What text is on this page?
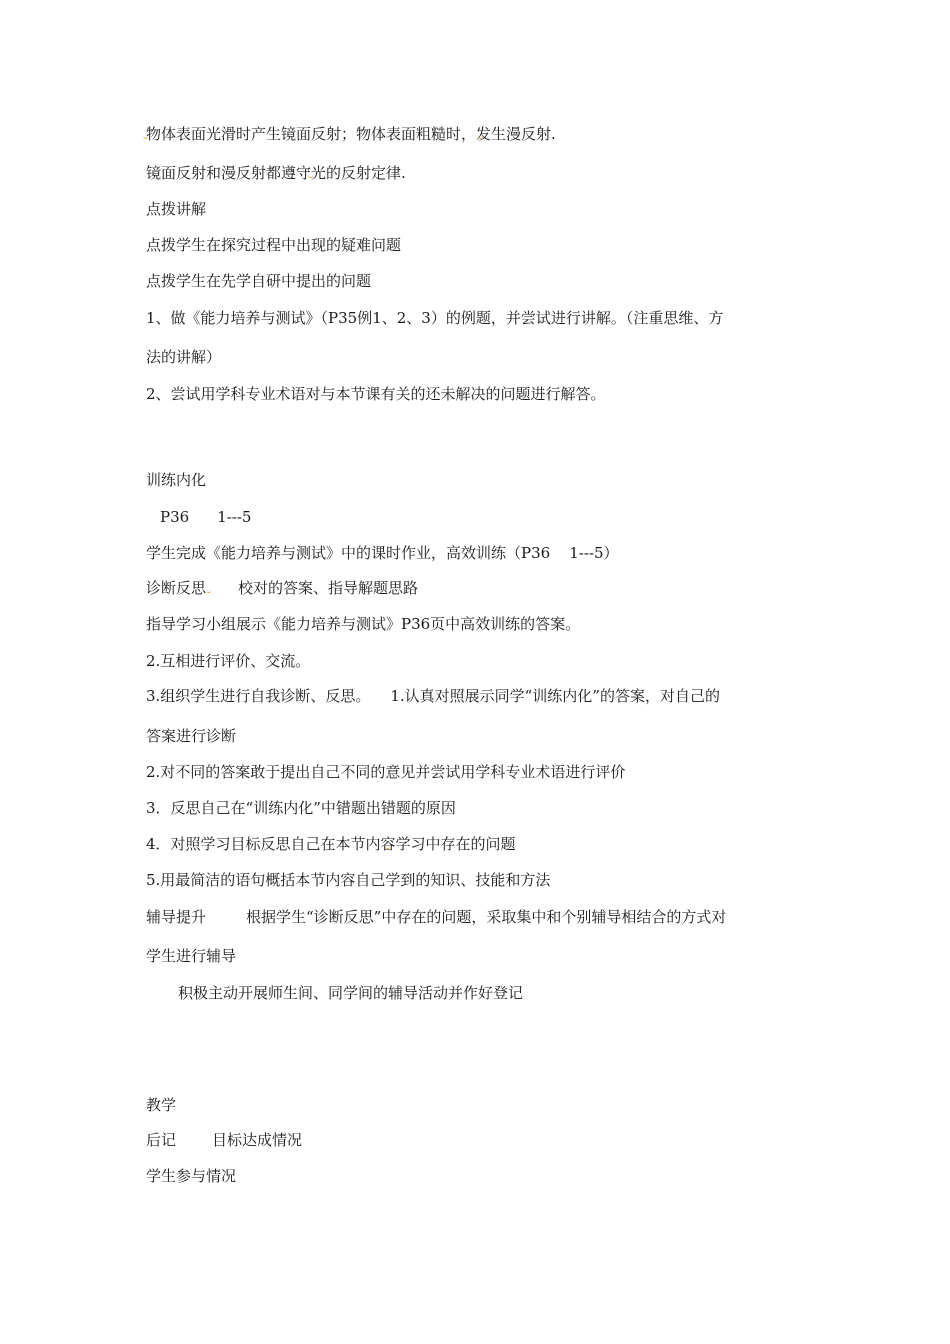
物体表面光滑时产生镜面反射；物体表面粗糙时，发生漫反射.
镜面反射和漫反射都遵守光的反射定律.
点拨讲解
点拨学生在探究过程中出现的疑难问题
点拨学生在先学自研中提出的问题
1、做《能力培养与测试》（P35例1、2、3）的例题，并尝试进行讲解。（注重思维、方
法的讲解）
2、尝试用学科专业术语对与本节课有关的还未解决的问题进行解答。
训练内化
P36 1---5
学生完成《能力培养与测试》中的课时作业，高效训练（P36    1---5）
诊断反思 校对的答案、指导解题思路
指导学习小组展示《能力培养与测试》P36页中高效训练的答案。
2.互相进行评价、交流。
3.组织学生进行自我诊断、反思。 1.认真对照展示同学“训练内化”的答案，对自己的
答案进行诊断
2.对不同的答案敢于提出自己不同的意见并尝试用学科专业术语进行评价
3．反思自己在“训练内化”中错题出错题的原因
4．对照学习目标反思自己在本节内容学习中存在的问题
5.用最简洁的语句概括本节内容自己学到的知识、技能和方法
辅导提升	根据学生“诊断反思”中存在的问题，采取集中和个别辅导相结合的方式对
学生进行辅导
积极主动开展师生间、同学间的辅导活动并作好登记
教学
后记 目标达成情况
学生参与情况
